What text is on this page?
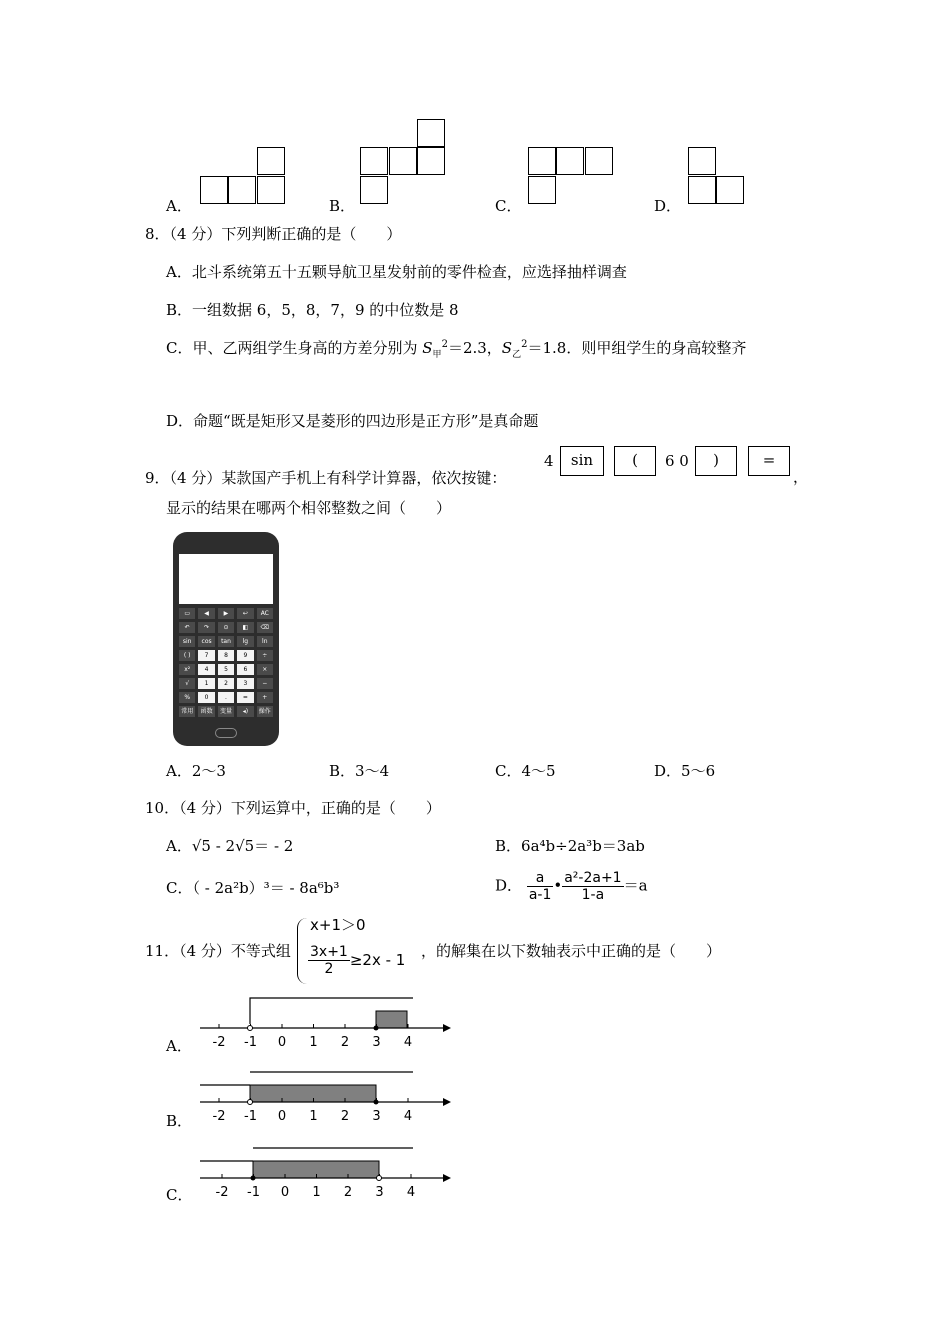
A．	B．	C．	D．
8．（4 分）下列判断正确的是（　　）
A．北斗系统第五十五颗导航卫星发射前的零件检查，应选择抽样调查
B．一组数据 6，5，8，7，9 的中位数是 8
C．甲、乙两组学生身高的方差分别为 $S_甲^2=2.3$，$S_乙^2=1.8$．则甲组学生的身高较整齐
D．命题“既是矩形又是菱形的四边形是正方形”是真命题
9．（4 分）某款国产手机上有科学计算器，依次按键：
4	sin	(	6 0	)	=
，
显示的结果在哪两个相邻整数之间（　　）
▭	◀	▶	↩	AC
↶	↷	⊙	◧	⌫
sin	cos	tan	lg	ln
( )	7	8	9	÷
x²	4	5	6	×
√	1	2	3	−
%	0	.	=	+
常用	函数	变量	◂)	操作
A．2～3	B．3～4	C．4～5	D．5～6
10．（4 分）下列运算中，正确的是（　　）
A．√5 - 2√5＝ - 2	B．6a⁴b÷2a³b＝3ab
C．（ - 2a²b）³＝ - 8a⁶b³	D． $\frac{a}{a-1}$ • $\frac{\text{a²-2a+1}}{1-a} =a$
11．（4 分）不等式组
x+1＞0
$\frac{3x+1}{2} \ge 2x - 1$ ，的解集在以下数轴表示中正确的是（　　）
A． -2 -1 0 1 2 3 4
B． -2 -1 0 1 2 3 4
C． -2 -1 0 1 2 3 4
